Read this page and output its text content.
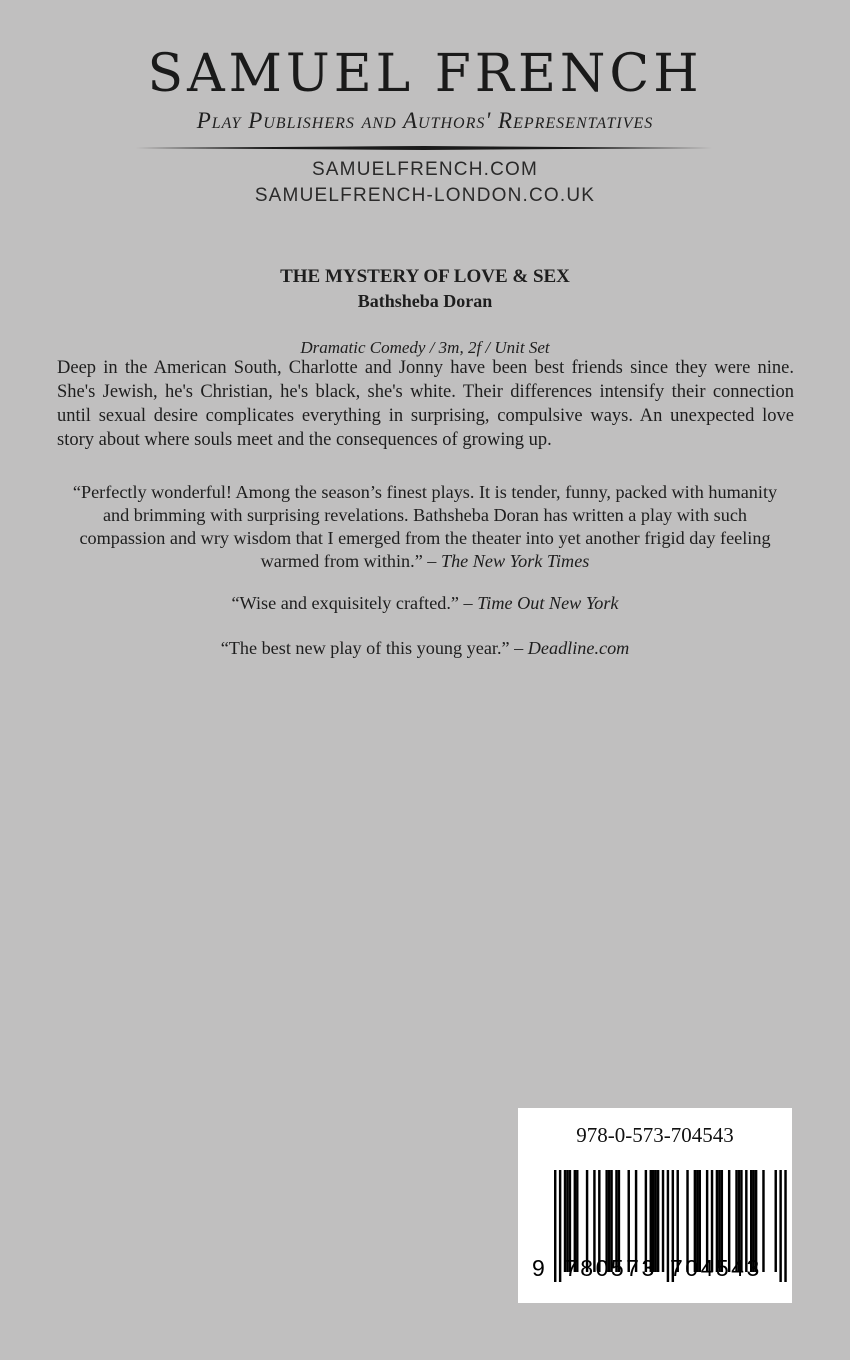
SAMUEL FRENCH
Play Publishers and Authors' Representatives
SAMUELFRENCH.COM
SAMUELFRENCH-LONDON.CO.UK
THE MYSTERY OF LOVE & SEX
Bathsheba Doran
Dramatic Comedy / 3m, 2f / Unit Set
Deep in the American South, Charlotte and Jonny have been best friends since they were nine. She's Jewish, he's Christian, he's black, she's white. Their differences intensify their connection until sexual desire complicates everything in surprising, compulsive ways. An unexpected love story about where souls meet and the consequences of growing up.
“Perfectly wonderful! Among the season’s finest plays. It is tender, funny, packed with humanity and brimming with surprising revelations. Bathsheba Doran has written a play with such compassion and wry wisdom that I emerged from the theater into yet another frigid day feeling warmed from within.” – The New York Times
“Wise and exquisitely crafted.” – Time Out New York
“The best new play of this young year.” – Deadline.com
978-0-573-704543
9 780573 704543
